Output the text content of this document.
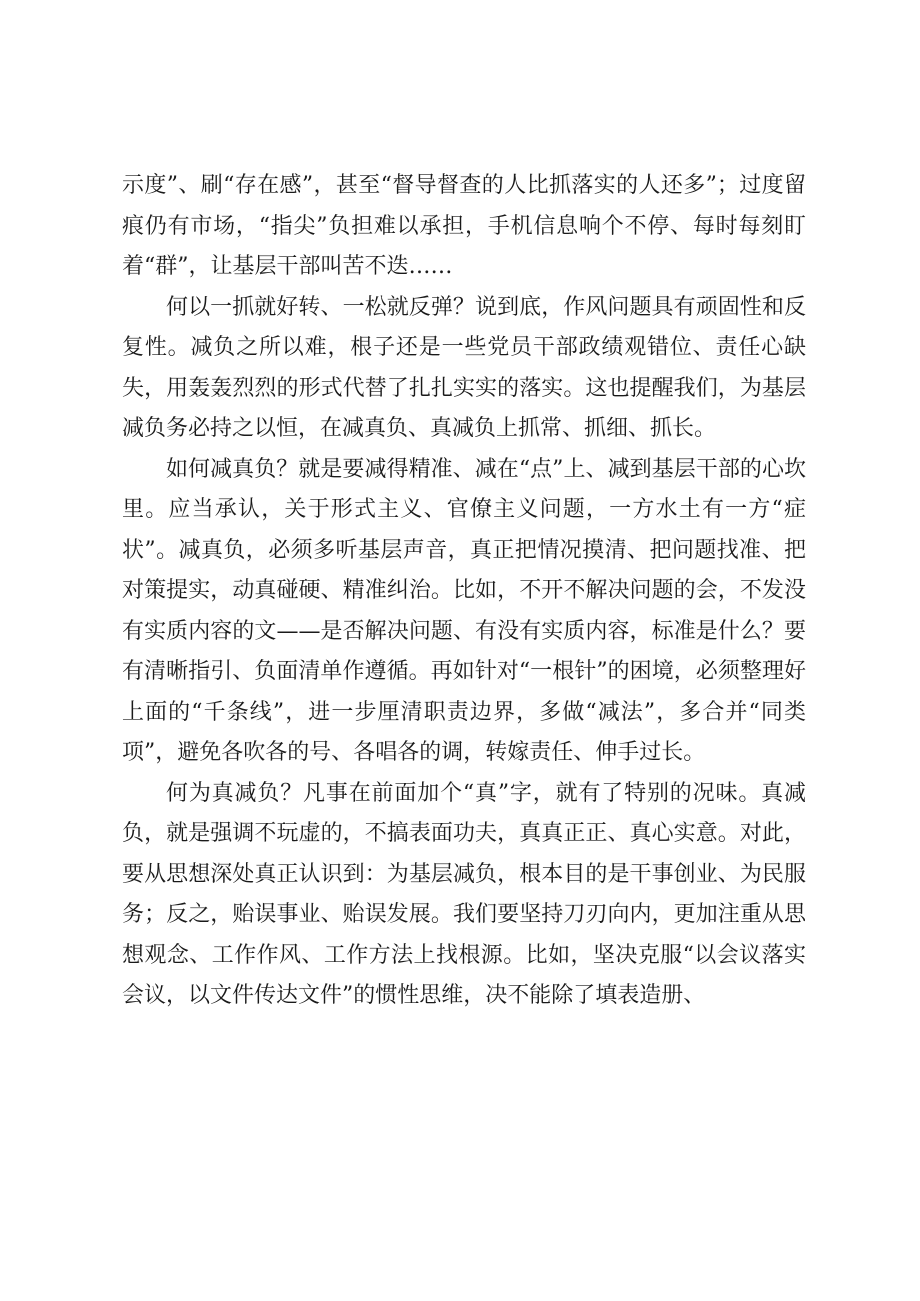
示度”、刷“存在感”，甚至“督导督查的人比抓落实的人还多”；过度留痕仍有市场，“指尖”负担难以承担，手机信息响个不停、每时每刻盯着“群”，让基层干部叫苦不迭……

何以一抓就好转、一松就反弹？说到底，作风问题具有顽固性和反复性。减负之所以难，根子还是一些党员干部政绩观错位、责任心缺失，用轰轰烈烈的形式代替了扎扎实实的落实。这也提醒我们，为基层减负务必持之以恒，在减真负、真减负上抓常、抓细、抓长。

如何减真负？就是要减得精准、减在“点”上、减到基层干部的心坎里。应当承认，关于形式主义、官僚主义问题，一方水土有一方“症状”。减真负，必须多听基层声音，真正把情况摸清、把问题找准、把对策提实，动真碰硬、精准纠治。比如，不开不解决问题的会，不发没有实质内容的文——是否解决问题、有没有实质内容，标准是什么？要有清晰指引、负面清单作遵循。再如针对“一根针”的困境，必须整理好上面的“千条线”，进一步厘清职责边界，多做“减法”，多合并“同类项”，避免各吹各的号、各唱各的调，转嫁责任、伸手过长。

何为真减负？凡事在前面加个“真”字，就有了特别的况味。真减负，就是强调不玩虚的，不搞表面功夫，真真正正、真心实意。对此，要从思想深处真正认识到：为基层减负，根本目的是干事创业、为民服务；反之，贻误事业、贻误发展。我们要坚持刀刃向内，更加注重从思想观念、工作作风、工作方法上找根源。比如，坚决克服“以会议落实会议，以文件传达文件”的惯性思维，决不能除了填表造册、
